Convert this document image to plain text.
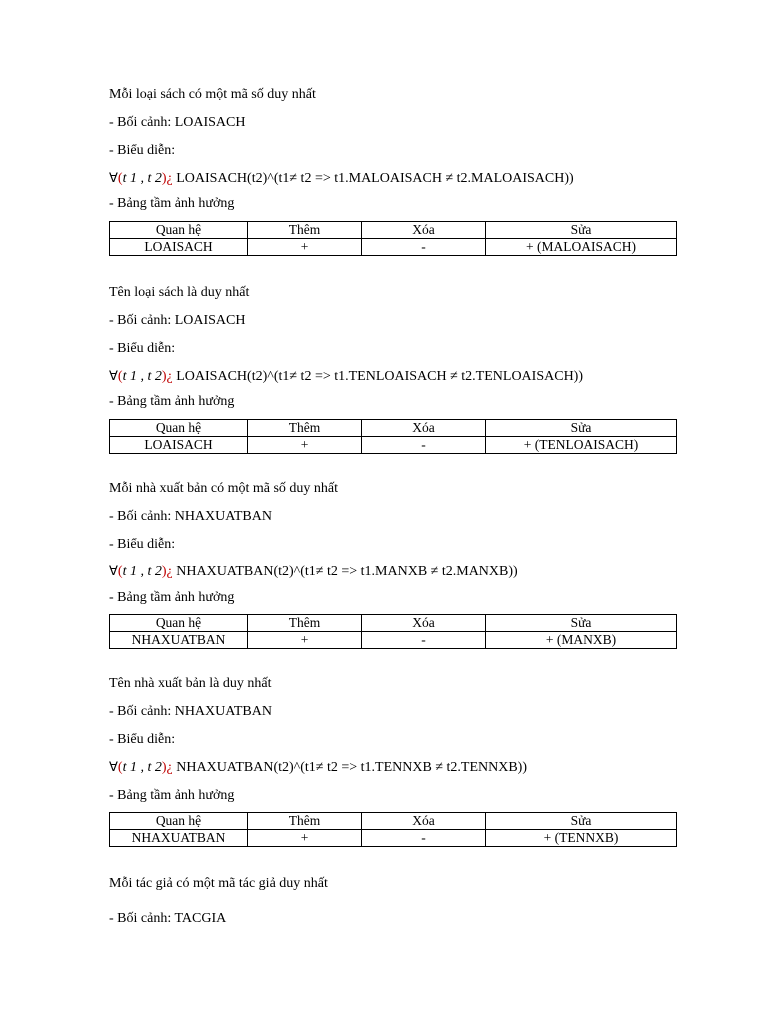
Mỗi loại sách có một mã số duy nhất
- Bối cảnh: LOAISACH
- Biểu diễn:
∀(t 1 , t 2)¿ LOAISACH(t2)^(t1≠ t2 => t1.MALOAISACH ≠ t2.MALOAISACH))
- Bảng tầm ảnh hưởng
Quan hệ	Thêm	Xóa	Sửa
LOAISACH	+	-	+ (MALOAISACH)
Tên loại sách là duy nhất
- Bối cảnh: LOAISACH
- Biểu diễn:
∀(t 1 , t 2)¿ LOAISACH(t2)^(t1≠ t2 => t1.TENLOAISACH ≠ t2.TENLOAISACH))
- Bảng tầm ảnh hưởng
Quan hệ	Thêm	Xóa	Sửa
LOAISACH	+	-	+ (TENLOAISACH)
Mỗi nhà xuất bản có một mã số duy nhất
- Bối cảnh: NHAXUATBAN
- Biểu diễn:
∀(t 1 , t 2)¿ NHAXUATBAN(t2)^(t1≠ t2 => t1.MANXB ≠ t2.MANXB))
- Bảng tầm ảnh hưởng
Quan hệ	Thêm	Xóa	Sửa
NHAXUATBAN	+	-	+ (MANXB)
Tên nhà xuất bản là duy nhất
- Bối cảnh: NHAXUATBAN
- Biểu diễn:
∀(t 1 , t 2)¿ NHAXUATBAN(t2)^(t1≠ t2 => t1.TENNXB ≠ t2.TENNXB))
- Bảng tầm ảnh hưởng
Quan hệ	Thêm	Xóa	Sửa
NHAXUATBAN	+	-	+ (TENNXB)
Mỗi tác giả có một mã tác giả duy nhất
- Bối cảnh: TACGIA
